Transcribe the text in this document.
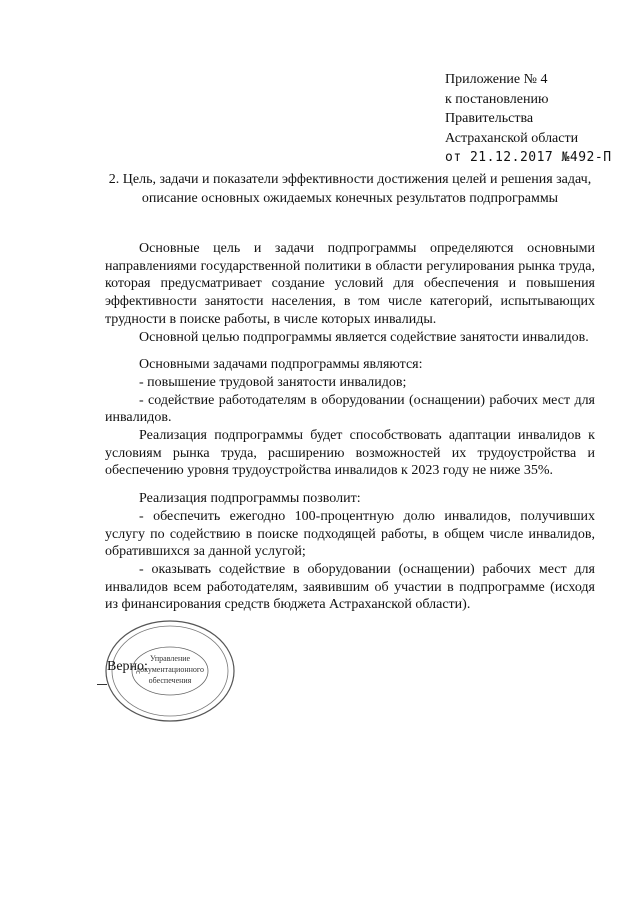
Приложение № 4
к постановлению
Правительства
Астраханской области
от 21.12.2017 №492-П
2. Цель, задачи и показатели эффективности достижения целей и решения задач, описание основных ожидаемых конечных результатов подпрограммы

Основные цель и задачи подпрограммы определяются основными направлениями государственной политики в области регулирования рынка труда, которая предусматривает создание условий для обеспечения и повышения эффективности занятости населения, в том числе категорий, испытывающих трудности в поиске работы, в числе которых инвалиды.

Основной целью подпрограммы является содействие занятости инвалидов.

Основными задачами подпрограммы являются:

- повышение трудовой занятости инвалидов;

- содействие работодателям в оборудовании (оснащении) рабочих мест для инвалидов.

Реализация подпрограммы будет способствовать адаптации инвалидов к условиям рынка труда, расширению возможностей их трудоустройства и обеспечению уровня трудоустройства инвалидов к 2023 году не ниже 35%.

Реализация подпрограммы позволит:

- обеспечить ежегодно 100-процентную долю инвалидов, получивших услугу по содействию в поиске подходящей работы, в общем числе инвалидов, обратившихся за данной услугой;

- оказывать содействие в оборудовании (оснащении) рабочих мест для инвалидов всем работодателям, заявившим об участии в подпрограмме (исходя из финансирования средств бюджета Астраханской области).

Управление
документационного
обеспечения
Верно:
